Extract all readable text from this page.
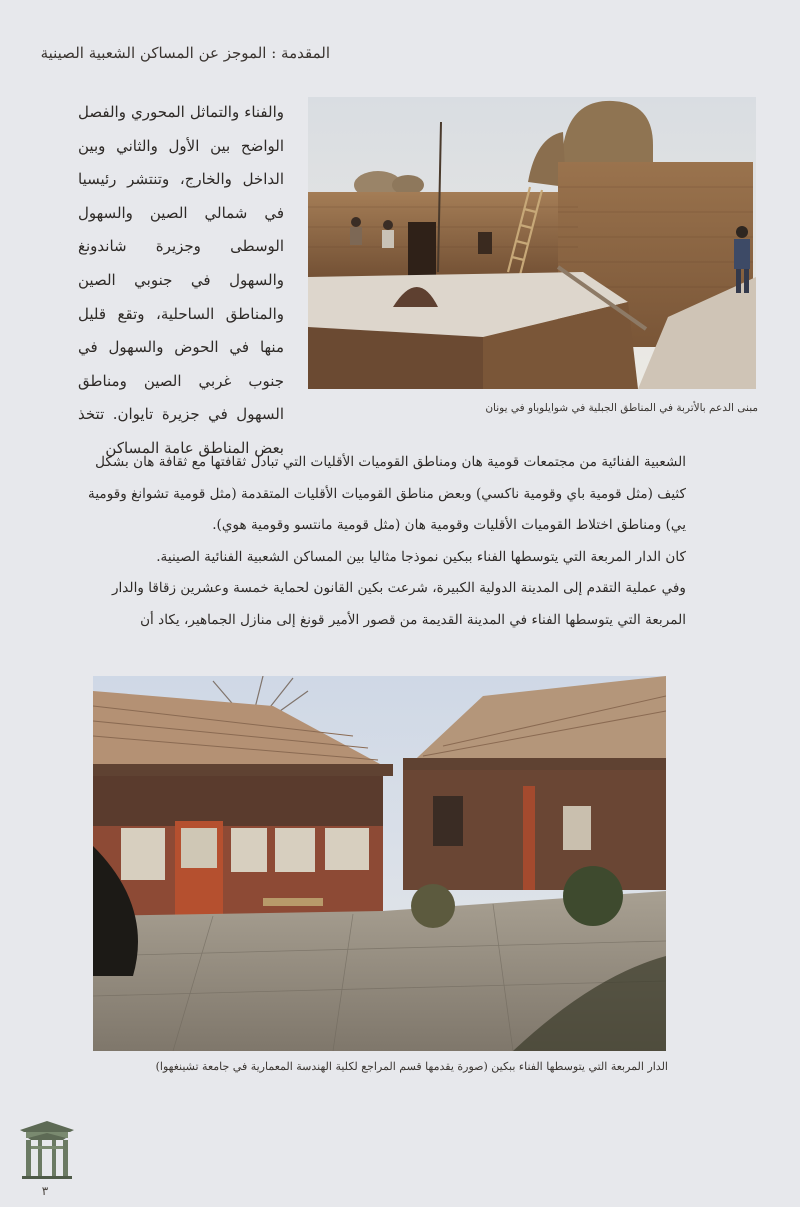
المقدمة : الموجز عن المساكن الشعبية الصينية

والفناء والتماثل المحوري والفصل الواضح بين الأول والثاني وبين الداخل والخارج، وتنتشر رئيسيا في شمالي الصين والسهول الوسطى وجزيرة شاندونغ والسهول في جنوبي الصين والمناطق الساحلية، وتقع قليل منها في الحوض والسهول في جنوب غربي الصين ومناطق السهول في جزيرة تايوان. تتخذ بعض المناطق عامة المساكن

مبنى الدعم بالأتربة في المناطق الجبلية في شوايلوباو في يونان

الشعبية الفنائية من مجتمعات قومية هان ومناطق القوميات الأقليات التي تبادل ثقافتها مع ثقافة هان بشكل كثيف (مثل قومية باي وقومية ناكسي) وبعض مناطق القوميات الأقليات المتقدمة (مثل قومية تشوانغ وقومية يي) ومناطق اختلاط القوميات الأقليات وقومية هان (مثل قومية مانتسو وقومية هوي).

كان الدار المربعة التي يتوسطها الفناء ببكين نموذجا مثاليا بين المساكن الشعبية الفنائية الصينية.

وفي عملية التقدم إلى المدينة الدولية الكبيرة، شرعت بكين القانون لحماية خمسة وعشرين زقاقا والدار المربعة التي يتوسطها الفناء في المدينة القديمة من قصور الأمير قونغ إلى منازل الجماهير، يكاد أن

الدار المربعة التي يتوسطها الفناء ببكين (صورة يقدمها قسم المراجع لكلية الهندسة المعمارية في جامعة تشينغهوا)
٣
